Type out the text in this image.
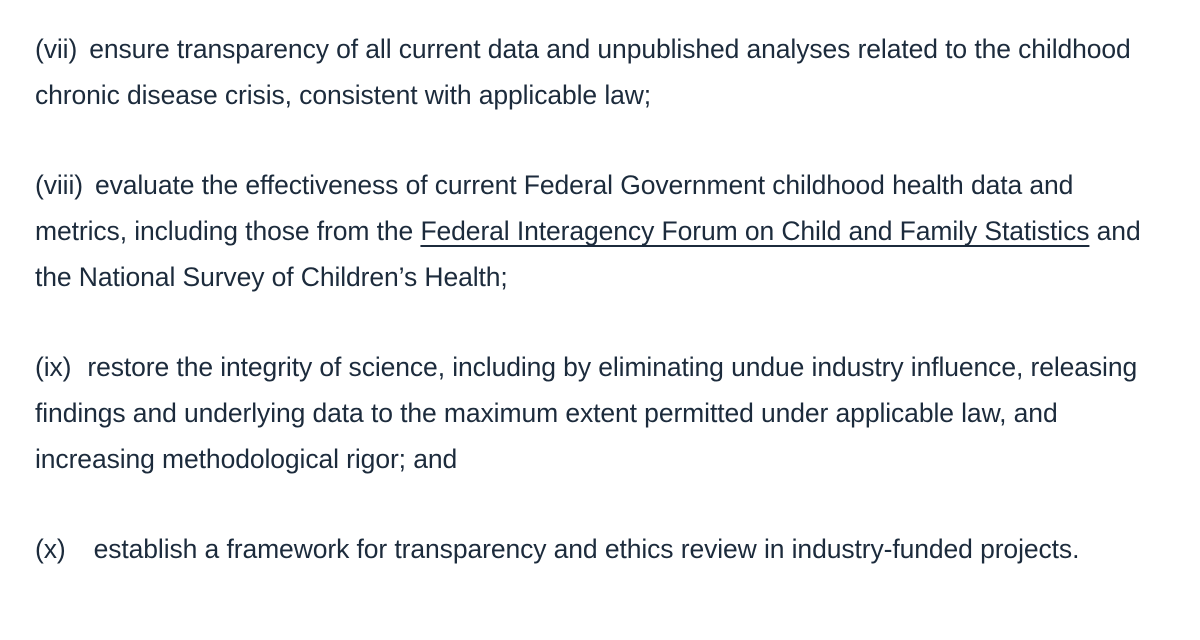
(vii) ensure transparency of all current data and unpublished analyses related to the childhood chronic disease crisis, consistent with applicable law;

(viii) evaluate the effectiveness of current Federal Government childhood health data and metrics, including those from the Federal Interagency Forum on Child and Family Statistics and the National Survey of Children’s Health;

(ix) restore the integrity of science, including by eliminating undue industry influence, releasing findings and underlying data to the maximum extent permitted under applicable law, and increasing methodological rigor; and

(x) establish a framework for transparency and ethics review in industry-funded projects.
